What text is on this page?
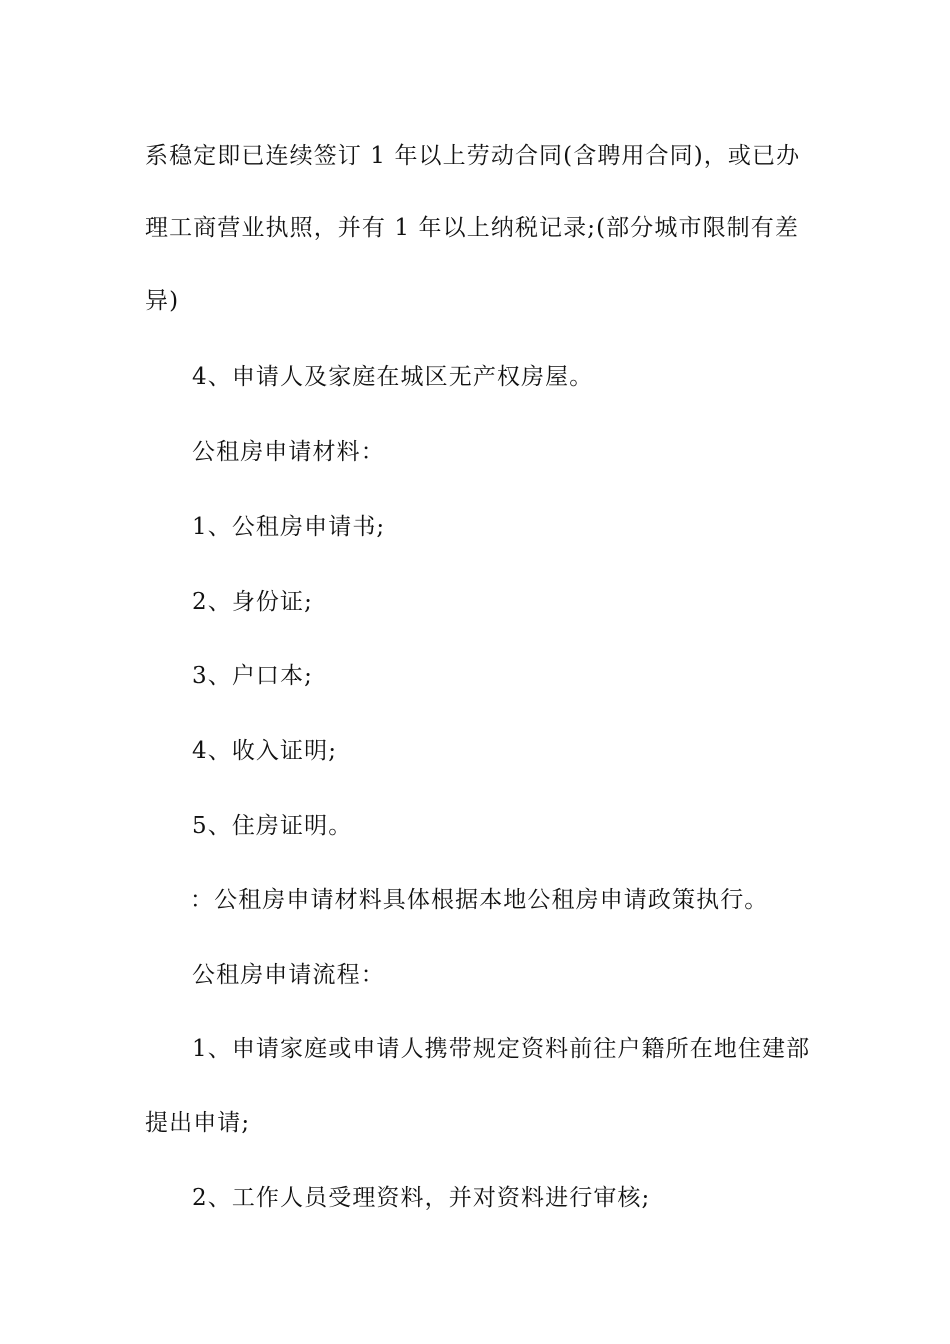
系稳定即已连续签订 1 年以上劳动合同(含聘用合同)，或已办
理工商营业执照，并有 1 年以上纳税记录;(部分城市限制有差
异)
4、申请人及家庭在城区无产权房屋。
公租房申请材料：
1、公租房申请书;
2、身份证;
3、户口本;
4、收入证明;
5、住房证明。
：公租房申请材料具体根据本地公租房申请政策执行。
公租房申请流程：
1、申请家庭或申请人携带规定资料前往户籍所在地住建部
提出申请;
2、工作人员受理资料，并对资料进行审核;
